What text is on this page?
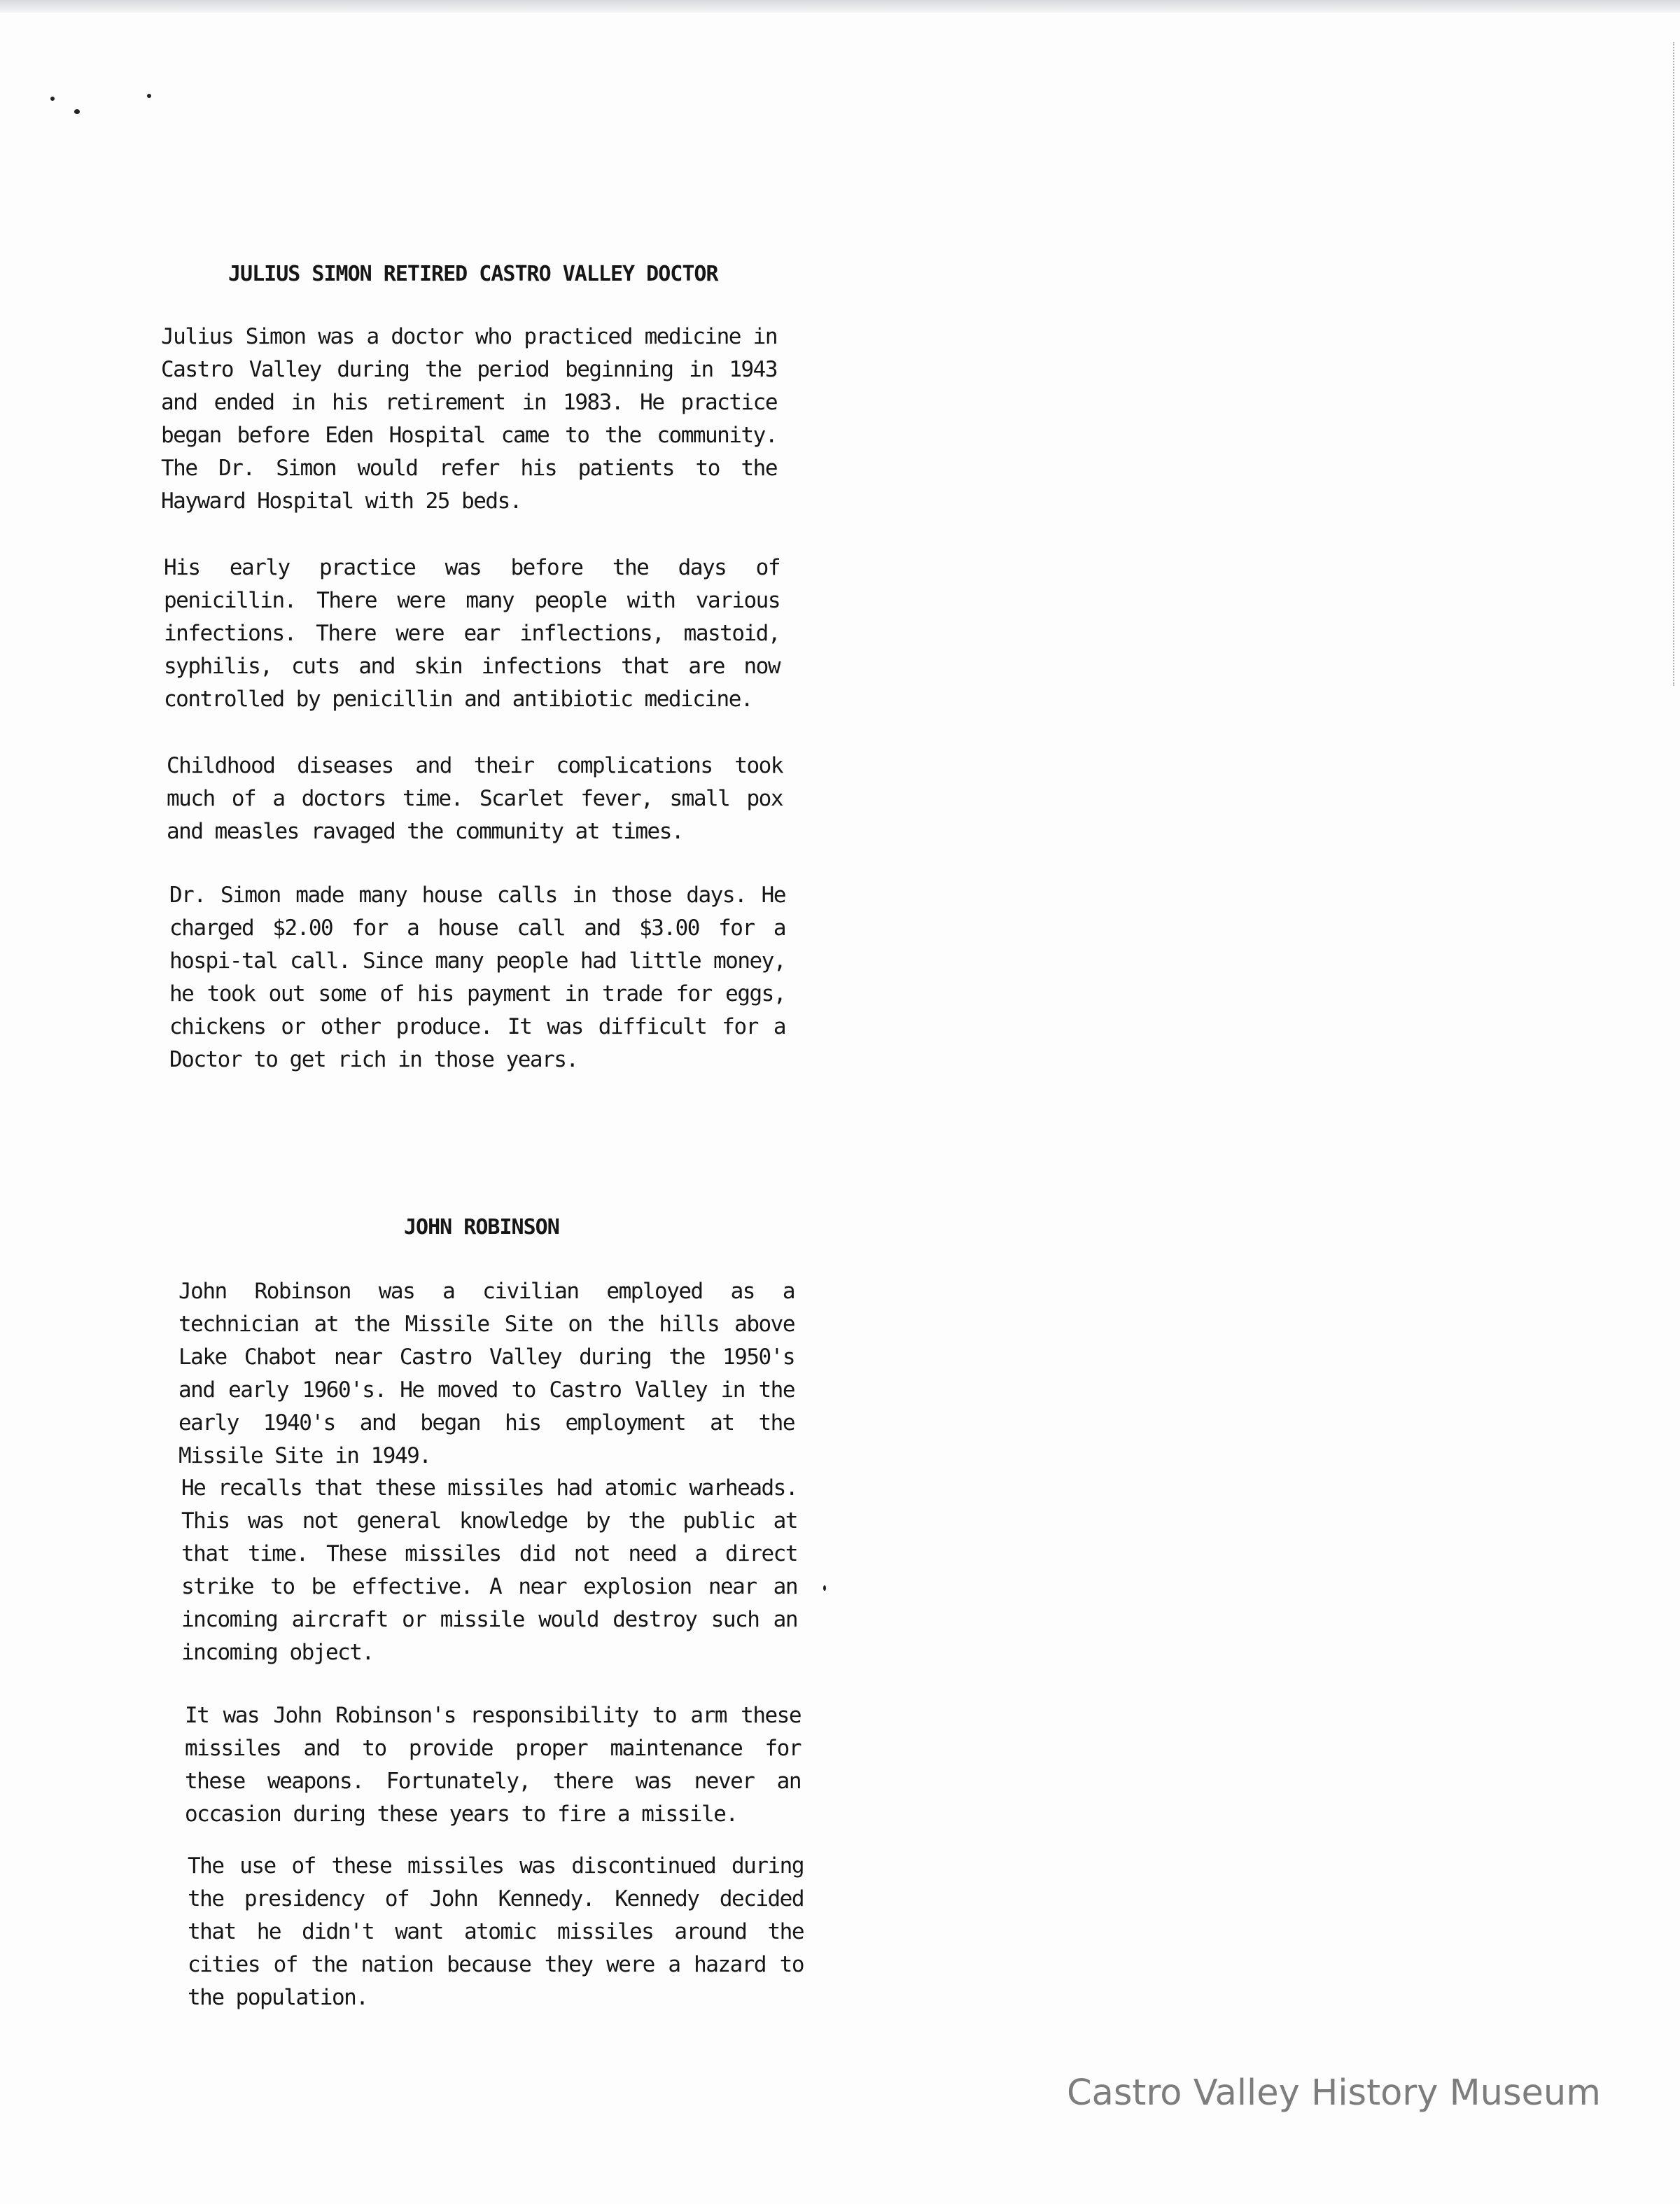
JULIUS SIMON RETIRED CASTRO VALLEY DOCTOR

Julius Simon was a doctor who practiced medicine in Castro Valley during the period beginning in 1943 and ended in his retirement in 1983. He practice began before Eden Hospital came to the community. The Dr. Simon would refer his patients to the Hayward Hospital with 25 beds.

His early practice was before the days of penicillin. There were many people with various infections. There were ear inflections, mastoid, syphilis, cuts and skin infections that are now controlled by penicillin and antibiotic medicine.

Childhood diseases and their complications took much of a doctors time. Scarlet fever, small pox and measles ravaged the community at times.

Dr. Simon made many house calls in those days. He charged $2.00 for a house call and $3.00 for a hospi-tal call. Since many people had little money, he took out some of his payment in trade for eggs, chickens or other produce. It was difficult for a Doctor to get rich in those years.

JOHN ROBINSON

John Robinson was a civilian employed as a technician at the Missile Site on the hills above Lake Chabot near Castro Valley during the 1950's and early 1960's. He moved to Castro Valley in the early 1940's and began his employment at the Missile Site in 1949.

He recalls that these missiles had atomic warheads. This was not general knowledge by the public at that time. These missiles did not need a direct strike to be effective. A near explosion near an incoming aircraft or missile would destroy such an incoming object.

It was John Robinson's responsibility to arm these missiles and to provide proper maintenance for these weapons. Fortunately, there was never an occasion during these years to fire a missile.

The use of these missiles was discontinued during the presidency of John Kennedy. Kennedy decided that he didn't want atomic missiles around the cities of the nation because they were a hazard to the population.

Castro Valley History Museum
